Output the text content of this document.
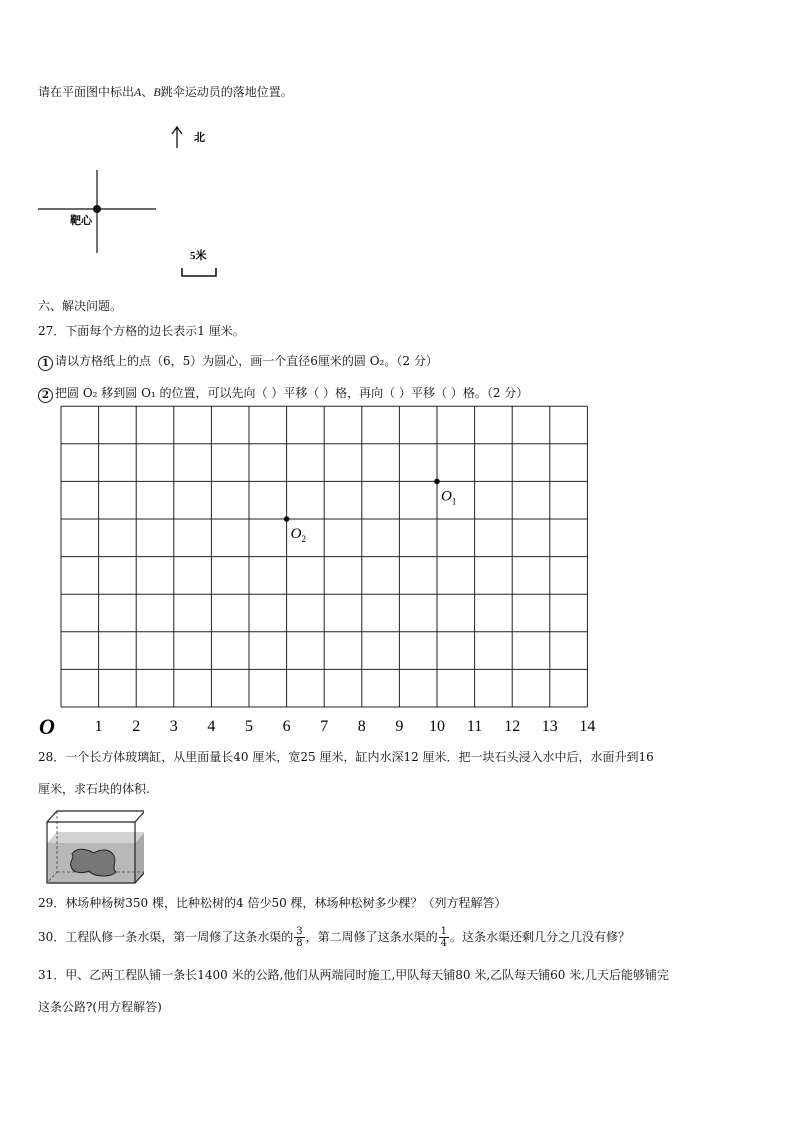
请在平面图中标出A、B跳伞运动员的落地位置。
北
靶心
5米
六、解决问题。
27．下面每个方格的边长表示1 厘米。
1 请以方格纸上的点（6，5）为圆心，画一个直径6厘米的圆 O₂。（2 分）
2 把圆 O₂ 移到圆 O₁ 的位置，可以先向（ ）平移（ ）格，再向（ ）平移（ ）格。（2 分）
O 1 2 3 4 5 6 7 8 9 10 11 12 13 14
$O_1$
$O_2$
28．一个长方体玻璃缸，从里面量长40 厘米，宽25 厘米，缸内水深12 厘米．把一块石头浸入水中后，水面升到16
厘米，求石块的体积.
29．林场种杨树350 棵，比种松树的4 倍少50 棵，林场种松树多少棵？（列方程解答）
30．工程队修一条水渠，第一周修了这条水渠的 $\frac{3}{8}$ ，第二周修了这条水渠的 $\frac{1}{4}$ 。这条水渠还剩几分之几没有修？
31．甲、乙两工程队铺一条长1400 米的公路,他们从两端同时施工,甲队每天铺80 米,乙队每天铺60 米,几天后能够铺完
这条公路?(用方程解答)
